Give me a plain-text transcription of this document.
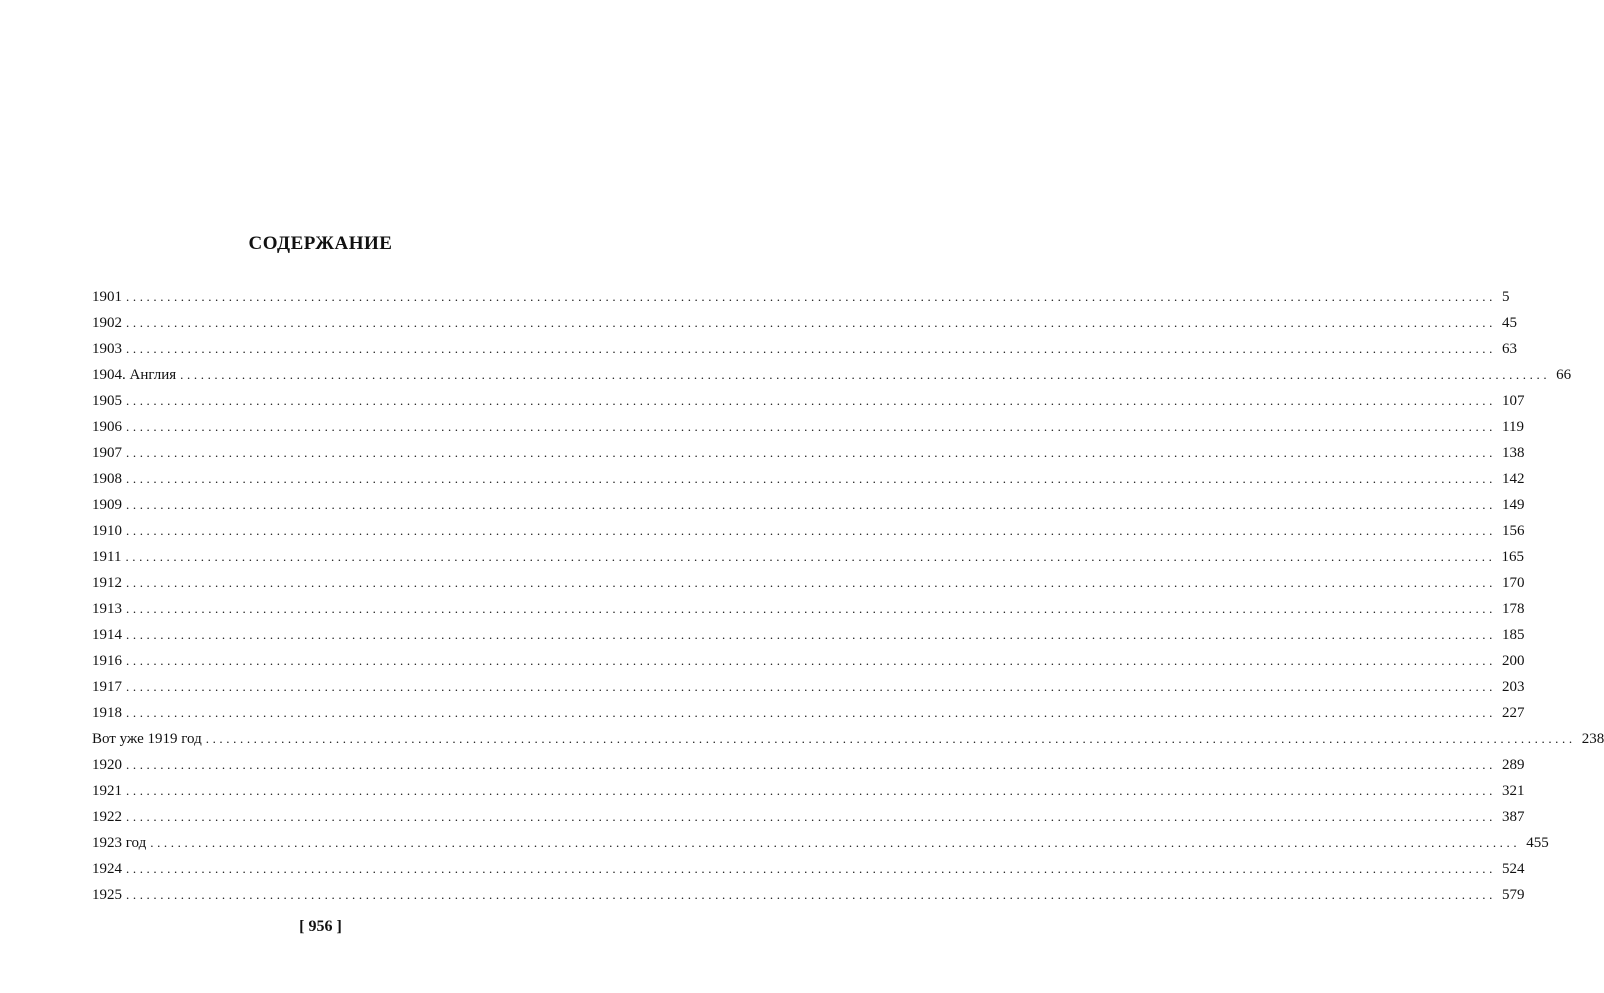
СОДЕРЖАНИЕ
1901 ........................................................................................................................................................................................................ 5
1902 ........................................................................................................................................................................................................ 45
1903 ........................................................................................................................................................................................................ 63
1904. Англия ........................................................................................................................................................................................................ 66
1905 ........................................................................................................................................................................................................ 107
1906 ........................................................................................................................................................................................................ 119
1907 ........................................................................................................................................................................................................ 138
1908 ........................................................................................................................................................................................................ 142
1909 ........................................................................................................................................................................................................ 149
1910 ........................................................................................................................................................................................................ 156
1911 ........................................................................................................................................................................................................ 165
1912 ........................................................................................................................................................................................................ 170
1913 ........................................................................................................................................................................................................ 178
1914 ........................................................................................................................................................................................................ 185
1916 ........................................................................................................................................................................................................ 200
1917 ........................................................................................................................................................................................................ 203
1918 ........................................................................................................................................................................................................ 227
Вот уже 1919 год ........................................................................................................................................................................................................ 238
1920 ........................................................................................................................................................................................................ 289
1921 ........................................................................................................................................................................................................ 321
1922 ........................................................................................................................................................................................................ 387
1923 год ........................................................................................................................................................................................................ 455
1924 ........................................................................................................................................................................................................ 524
1925 ........................................................................................................................................................................................................ 579
[ 956 ]
